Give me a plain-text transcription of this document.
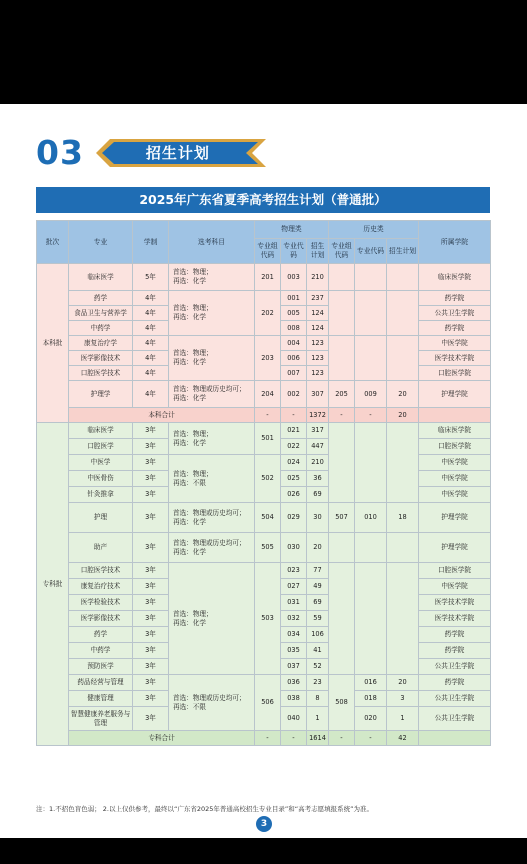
03	招生计划
2025年广东省夏季高考招生计划（普通批）
批次	专业	学制	选考科目	物理类			历史类			所属学院
				专业组代码	专业代码	招生计划	专业组代码	专业代码	招生计划	
本科批	临床医学	5年	首选：物理；
再选：化学	201	003	210				临床医学院
	药学	4年	首选：物理；
再选：化学	202	001	237				药学院
	食品卫生与营养学	4年			005	124				公共卫生学院
	中药学	4年			008	124				药学院
	康复治疗学	4年	首选：物理；
再选：化学	203	004	123				中医学院
	医学影像技术	4年			006	123				医学技术学院
	口腔医学技术	4年			007	123				口腔医学院
	护理学	4年	首选：物理或历史均可；
再选：化学	204	002	307	205	009	20	护理学院
	本科合计			-	-	1372	-	-	20	
专科批	临床医学	3年	首选：物理；
再选：化学	501	021	317				临床医学院
	口腔医学	3年			022	447				口腔医学院
	中医学	3年	首选：物理；
再选：不限	502	024	210				中医学院
	中医骨伤	3年			025	36				中医学院
	针灸推拿	3年			026	69				中医学院
	护理	3年	首选：物理或历史均可；
再选：化学	504	029	30	507	010	18	护理学院
	助产	3年	首选：物理或历史均可；
再选：化学	505	030	20				护理学院
	口腔医学技术	3年	首选：物理；
再选：化学	503	023	77				口腔医学院
	康复治疗技术	3年			027	49				中医学院
	医学检验技术	3年			031	69				医学技术学院
	医学影像技术	3年			032	59				医学技术学院
	药学	3年			034	106				药学院
	中药学	3年			035	41				药学院
	预防医学	3年			037	52				公共卫生学院
	药品经营与管理	3年	首选：物理或历史均可；
再选：不限	506	036	23	508	016	20	药学院
	健康管理	3年			038	8		018	3	公共卫生学院
	智慧健康养老服务与管理	3年			040	1		020	1	公共卫生学院
	专科合计			-	-	1614	-	-	42	
注：1.不招色盲色弱； 2.以上仅供参考，最终以“广东省2025年普通高校招生专业目录”和“高考志愿填报系统”为准。
3
